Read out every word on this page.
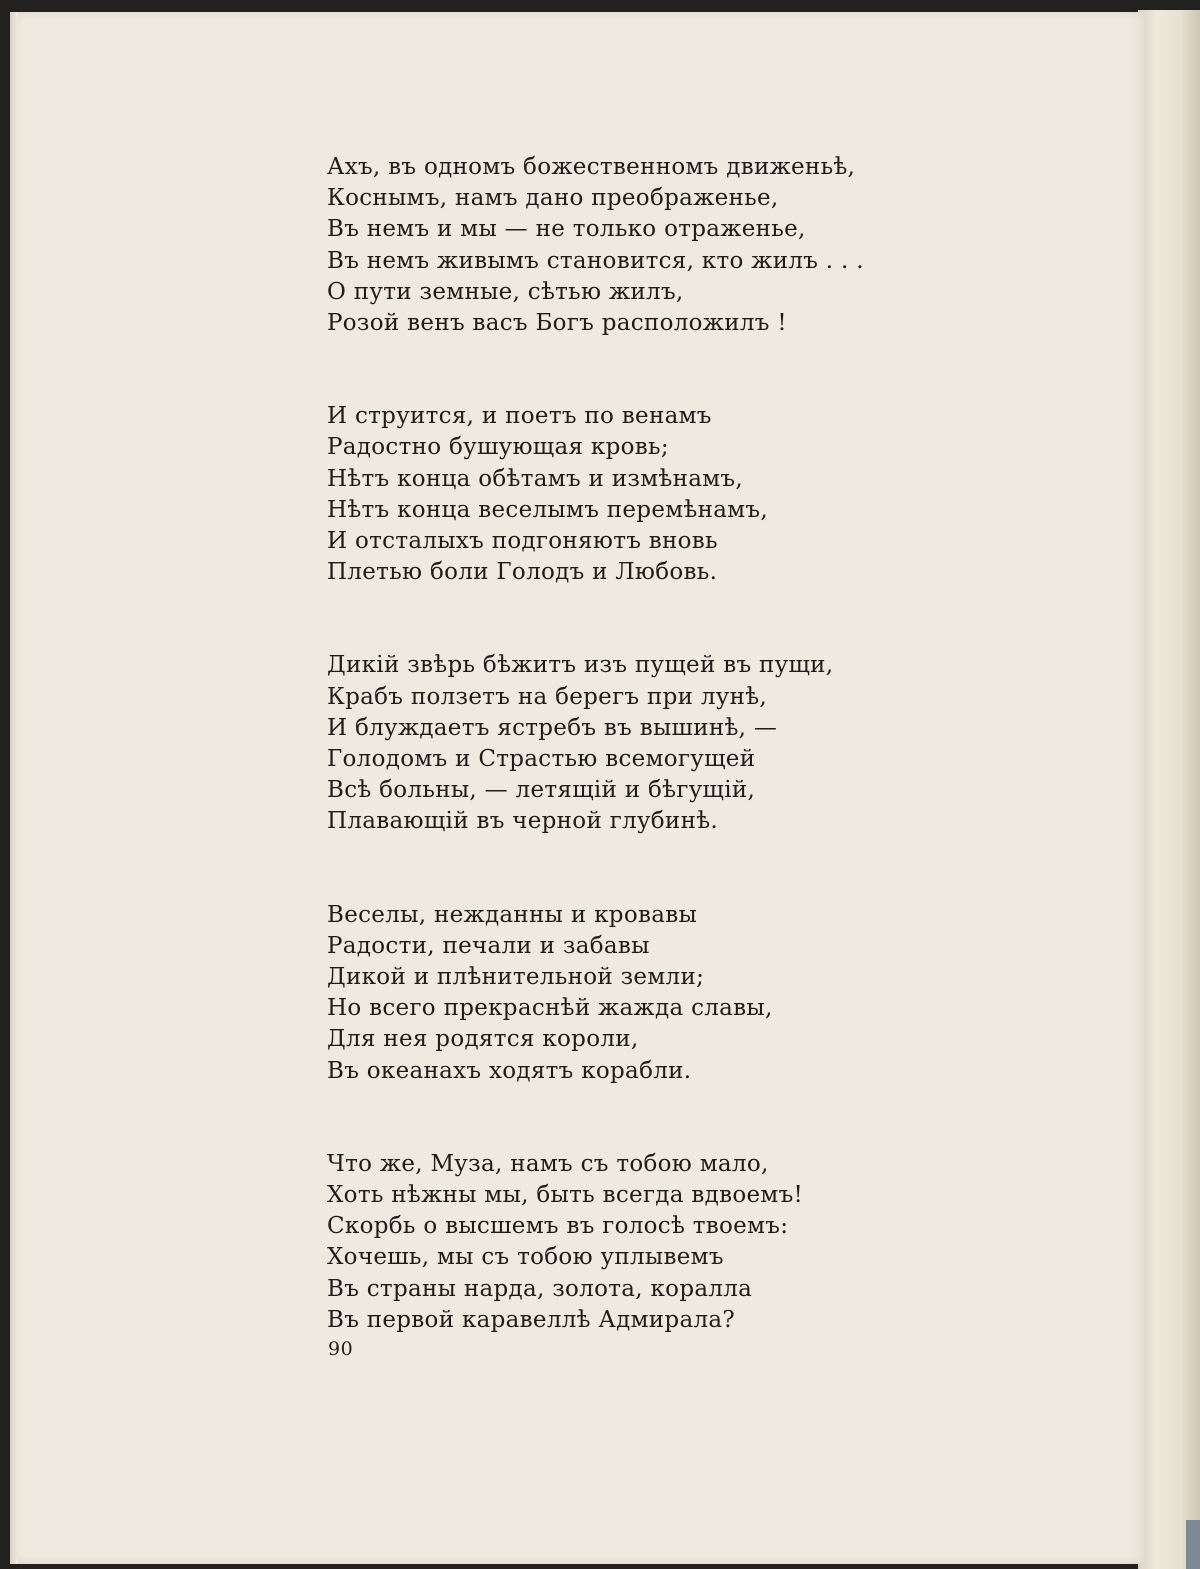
Ахъ, въ одномъ божественномъ движеньѣ,
Коснымъ, намъ дано преображенье,
Въ немъ и мы — не только отраженье,
Въ немъ живымъ становится, кто жилъ . . .
О пути земные, сѣтью жилъ,
Розой венъ васъ Богъ расположилъ !
И струится, и поетъ по венамъ
Радостно бушующая кровь;
Нѣтъ конца обѣтамъ и измѣнамъ,
Нѣтъ конца веселымъ перемѣнамъ,
И отсталыхъ подгоняютъ вновь
Плетью боли Голодъ и Любовь.
Дикій звѣрь бѣжитъ изъ пущей въ пущи,
Крабъ ползетъ на берегъ при лунѣ,
И блуждаетъ ястребъ въ вышинѣ, —
Голодомъ и Страстью всемогущей
Всѣ больны, — летящій и бѣгущій,
Плавающій въ черной глубинѣ.
Веселы, нежданны и кровавы
Радости, печали и забавы
Дикой и плѣнительной земли;
Но всего прекраснѣй жажда славы,
Для нея родятся короли,
Въ океанахъ ходятъ корабли.
Что же, Муза, намъ съ тобою мало,
Хоть нѣжны мы, быть всегда вдвоемъ!
Скорбь о высшемъ въ голосѣ твоемъ:
Хочешь, мы съ тобою уплывемъ
Въ страны нарда, золота, коралла
Въ первой каравеллѣ Адмирала?
90
